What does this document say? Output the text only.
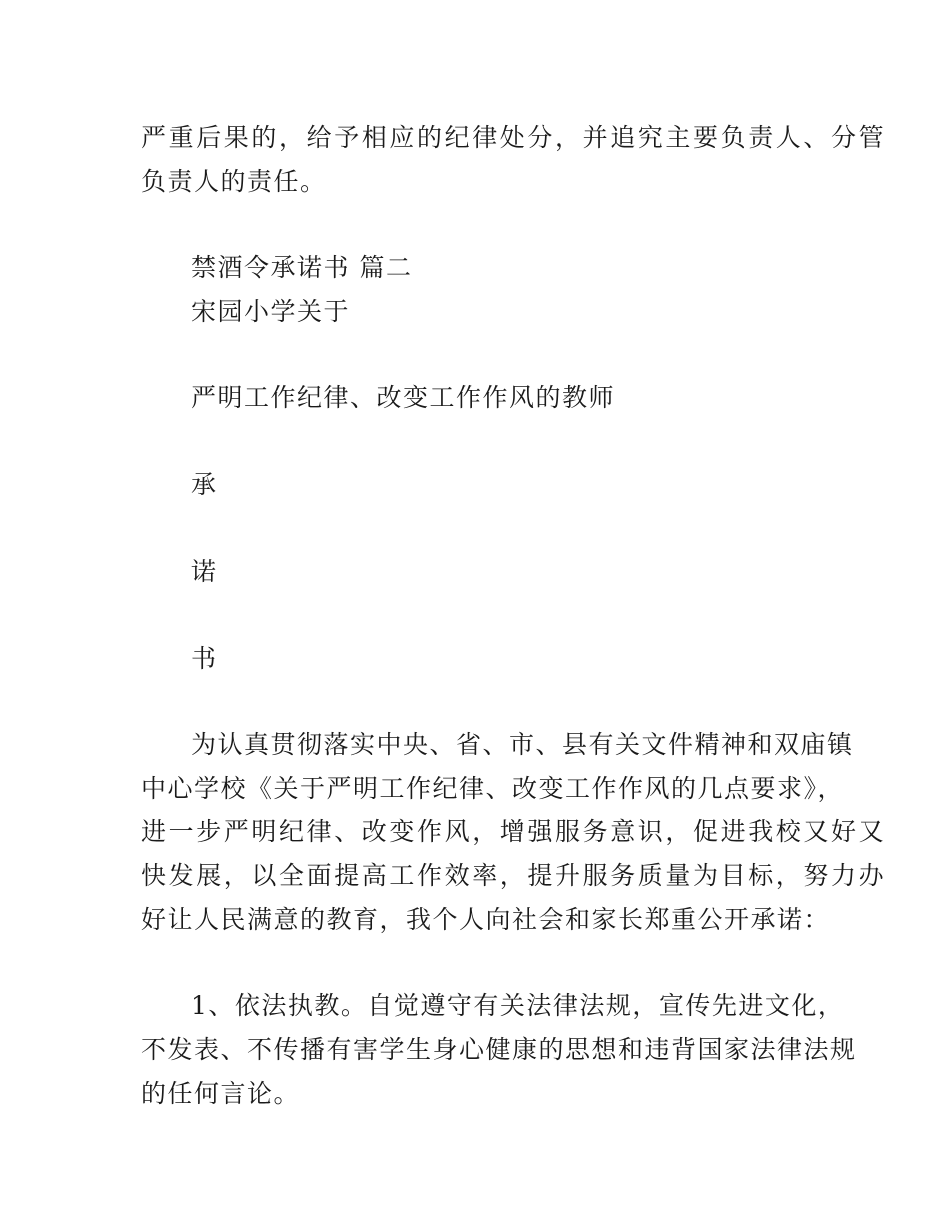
严重后果的，给予相应的纪律处分，并追究主要负责人、分管
负责人的责任。
禁酒令承诺书 篇二
宋园小学关于
严明工作纪律、改变工作作风的教师
承
诺
书
为认真贯彻落实中央、省、市、县有关文件精神和双庙镇
中心学校《关于严明工作纪律、改变工作作风的几点要求》，
进一步严明纪律、改变作风，增强服务意识，促进我校又好又
快发展，以全面提高工作效率，提升服务质量为目标，努力办
好让人民满意的教育，我个人向社会和家长郑重公开承诺：
1、依法执教。自觉遵守有关法律法规，宣传先进文化，
不发表、不传播有害学生身心健康的思想和违背国家法律法规
的任何言论。
